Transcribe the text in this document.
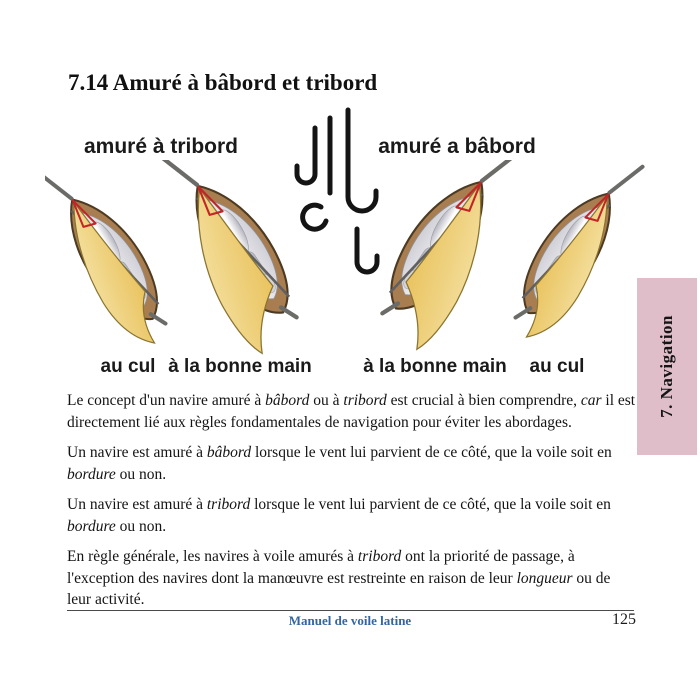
7.14 Amuré à bâbord et tribord
amuré à tribord	amuré a bâbord
au cul à la bonne main	à la bonne main au cul

Le concept d'un navire amuré à bâbord ou à tribord est crucial à bien comprendre, car il est directement lié aux règles fondamentales de navigation pour éviter les abordages.

Un navire est amuré à bâbord lorsque le vent lui parvient de ce côté, que la voile soit en bordure ou non.

Un navire est amuré à tribord lorsque le vent lui parvient de ce côté, que la voile soit en bordure ou non.

En règle générale, les navires à voile amurés à tribord ont la priorité de passage, à l'exception des navires dont la manœuvre est restreinte en raison de leur longueur ou de leur activité.

7. Navigation
Manuel de voile latine	125
